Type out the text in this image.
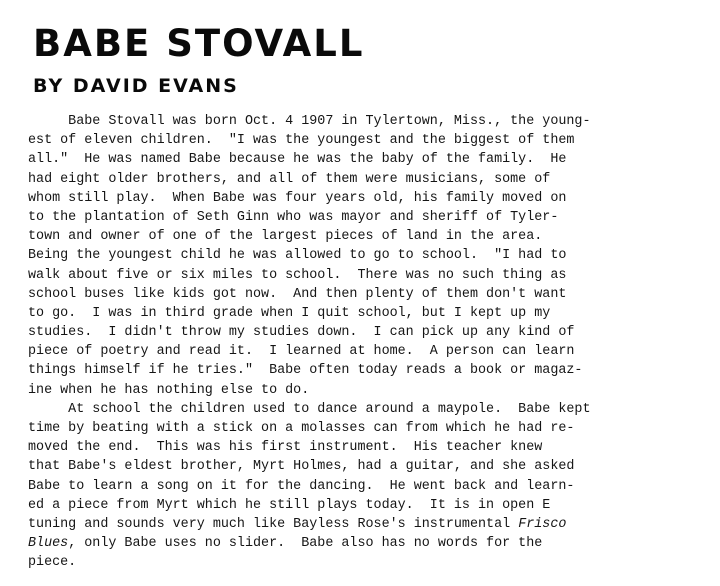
BABE STOVALL
BY DAVID EVANS
Babe Stovall was born Oct. 4 1907 in Tylertown, Miss., the young-
est of eleven children.  "I was the youngest and the biggest of them
all."  He was named Babe because he was the baby of the family.  He
had eight older brothers, and all of them were musicians, some of
whom still play.  When Babe was four years old, his family moved on
to the plantation of Seth Ginn who was mayor and sheriff of Tyler-
town and owner of one of the largest pieces of land in the area.
Being the youngest child he was allowed to go to school.  "I had to
walk about five or six miles to school.  There was no such thing as
school buses like kids got now.  And then plenty of them don't want
to go.  I was in third grade when I quit school, but I kept up my
studies.  I didn't throw my studies down.  I can pick up any kind of
piece of poetry and read it.  I learned at home.  A person can learn
things himself if he tries."  Babe often today reads a book or magaz-
ine when he has nothing else to do.
At school the children used to dance around a maypole.  Babe kept
time by beating with a stick on a molasses can from which he had re-
moved the end.  This was his first instrument.  His teacher knew
that Babe's eldest brother, Myrt Holmes, had a guitar, and she asked
Babe to learn a song on it for the dancing.  He went back and learn-
ed a piece from Myrt which he still plays today.  It is in open E
tuning and sounds very much like Bayless Rose's instrumental Frisco
Blues, only Babe uses no slider.  Babe also has no words for the
piece.
